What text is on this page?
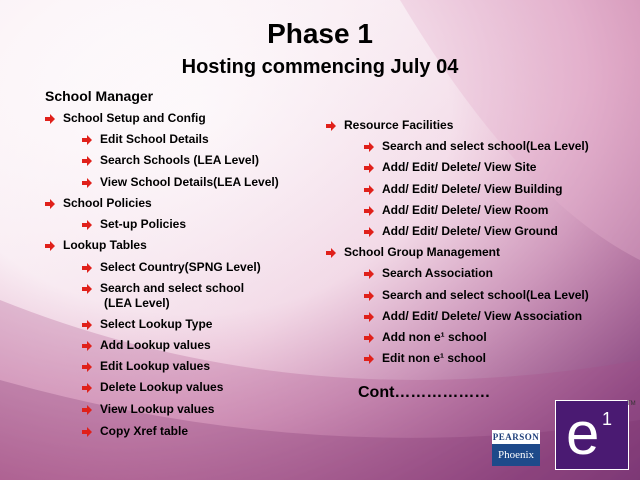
Phase 1
Hosting commencing July 04
School Manager
School Setup and Config
Edit School Details
Search Schools (LEA Level)
View School Details(LEA Level)
School Policies
Set-up Policies
Lookup Tables
Select Country(SPNG Level)
Search and select school
(LEA Level)
Select Lookup Type
Add Lookup values
Edit Lookup values
Delete Lookup values
View Lookup values
Copy Xref table
Resource Facilities
Search and select school(Lea Level)
Add/ Edit/ Delete/ View Site
Add/ Edit/ Delete/ View Building
Add/ Edit/ Delete/ View Room
Add/ Edit/ Delete/ View Ground
School Group Management
Search Association
Search and select school(Lea Level)
Add/ Edit/ Delete/ View Association
Add non e¹ school
Edit non e¹ school
Cont………………
PEARSON
Phoenix e 1
TM
